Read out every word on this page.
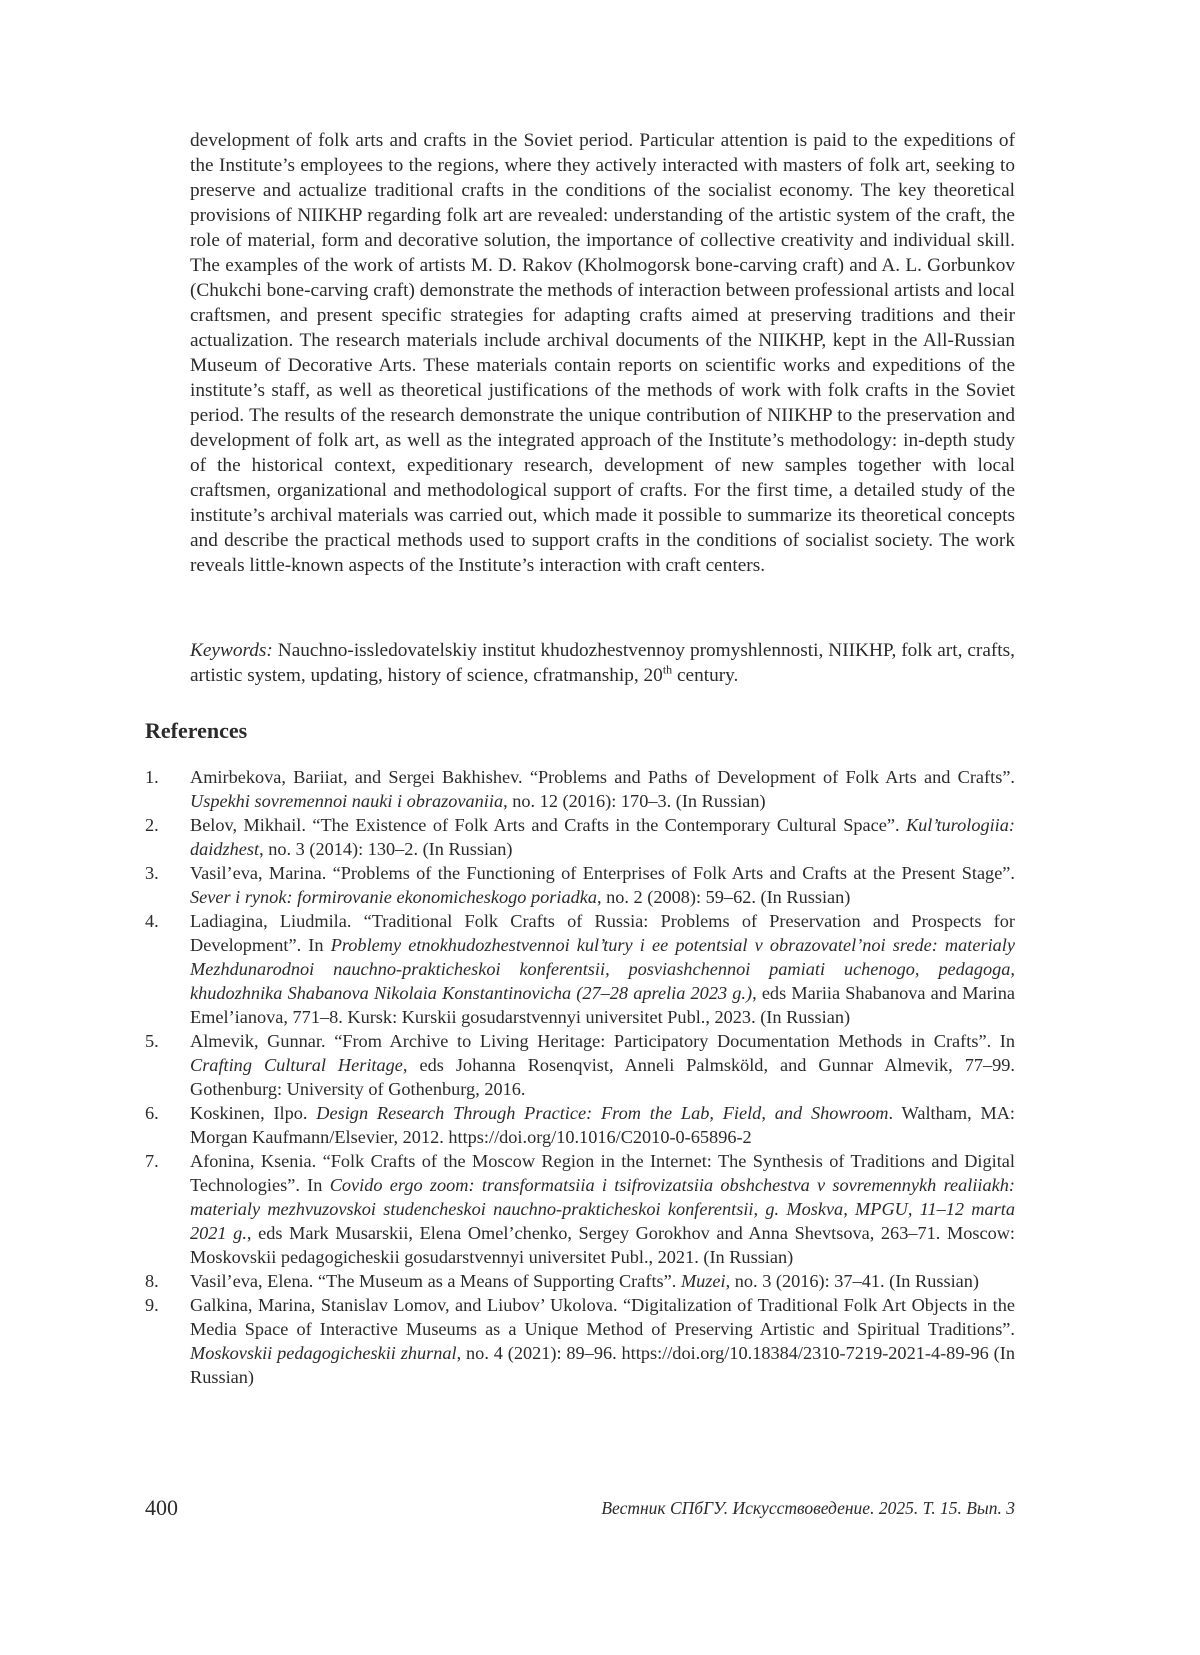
development of folk arts and crafts in the Soviet period. Particular attention is paid to the expeditions of the Institute’s employees to the regions, where they actively interacted with masters of folk art, seeking to preserve and actualize traditional crafts in the conditions of the socialist economy. The key theoretical provisions of NIIKHP regarding folk art are revealed: understanding of the artistic system of the craft, the role of material, form and decorative solution, the importance of collective creativity and individual skill. The examples of the work of artists M. D. Rakov (Kholmogorsk bone-carving craft) and A. L. Gorbunkov (Chukchi bone-carving craft) demonstrate the methods of interaction between professional artists and local craftsmen, and present specific strategies for adapting crafts aimed at preserving traditions and their actualization. The research materials include archival documents of the NIIKHP, kept in the All-Russian Museum of Decorative Arts. These materials contain reports on scientific works and expeditions of the institute’s staff, as well as theoretical justifications of the methods of work with folk crafts in the Soviet period. The results of the research demonstrate the unique contribution of NIIKHP to the preservation and development of folk art, as well as the integrated approach of the Institute’s methodology: in-depth study of the historical context, expeditionary research, development of new samples together with local craftsmen, organizational and methodological support of crafts. For the first time, a detailed study of the institute’s archival materials was carried out, which made it possible to summarize its theoretical concepts and describe the practical methods used to support crafts in the conditions of socialist society. The work reveals little-known aspects of the Institute’s interaction with craft centers.

Keywords: Nauchno-issledovatelskiy institut khudozhestvennoy promyshlennosti, NIIKHP, folk art, crafts, artistic system, updating, history of science, cfratmanship, 20th century.

References
1.	Amirbekova, Bariiat, and Sergei Bakhishev. “Problems and Paths of Development of Folk Arts and Crafts”. Uspekhi sovremennoi nauki i obrazovaniia, no. 12 (2016): 170–3. (In Russian)
2.	Belov, Mikhail. “The Existence of Folk Arts and Crafts in the Contemporary Cultural Space”. Kul’turologiia: daidzhest, no. 3 (2014): 130–2. (In Russian)
3.	Vasil’eva, Marina. “Problems of the Functioning of Enterprises of Folk Arts and Crafts at the Present Stage”. Sever i rynok: formirovanie ekonomicheskogo poriadka, no. 2 (2008): 59–62. (In Russian)
4.	Ladiagina, Liudmila. “Traditional Folk Crafts of Russia: Problems of Preservation and Prospects for Development”. In Problemy etnokhudozhestvennoi kul’tury i ee potentsial v obrazovatel’noi srede: materialy Mezhdunarodnoi nauchno-prakticheskoi konferentsii, posviashchennoi pamiati uchenogo, pedagoga, khudozhnika Shabanova Nikolaia Konstantinovicha (27–28 aprelia 2023 g.), eds Mariia Shabanova and Marina Emel’ianova, 771–8. Kursk: Kurskii gosudarstvennyi universitet Publ., 2023. (In Russian)
5.	Almevik, Gunnar. “From Archive to Living Heritage: Participatory Documentation Methods in Crafts”. In Crafting Cultural Heritage, eds Johanna Rosenqvist, Anneli Palmsköld, and Gunnar Almevik, 77–99. Gothenburg: University of Gothenburg, 2016.
6.	Koskinen, Ilpo. Design Research Through Practice: From the Lab, Field, and Showroom. Waltham, MA: Morgan Kaufmann/Elsevier, 2012. https://doi.org/10.1016/C2010-0-65896-2
7.	Afonina, Ksenia. “Folk Crafts of the Moscow Region in the Internet: The Synthesis of Traditions and Digital Technologies”. In Covido ergo zoom: transformatsiia i tsifrovizatsiia obshchestva v sovremennykh realiiakh: materialy mezhvuzovskoi studencheskoi nauchno-prakticheskoi konferentsii, g. Moskva, MPGU, 11–12 marta 2021 g., eds Mark Musarskii, Elena Omel’chenko, Sergey Gorokhov and Anna Shevtsova, 263–71. Moscow: Moskovskii pedagogicheskii gosudarstvennyi universitet Publ., 2021. (In Russian)
8.	Vasil’eva, Elena. “The Museum as a Means of Supporting Crafts”. Muzei, no. 3 (2016): 37–41. (In Russian)
9.	Galkina, Marina, Stanislav Lomov, and Liubov’ Ukolova. “Digitalization of Traditional Folk Art Objects in the Media Space of Interactive Museums as a Unique Method of Preserving Artistic and Spiritual Traditions”. Moskovskii pedagogicheskii zhurnal, no. 4 (2021): 89–96. https://doi.org/10.18384/2310-7219-2021-4-89-96 (In Russian)
400	Вестник СПбГУ. Искусствоведение. 2025. Т. 15. Вып. 3
